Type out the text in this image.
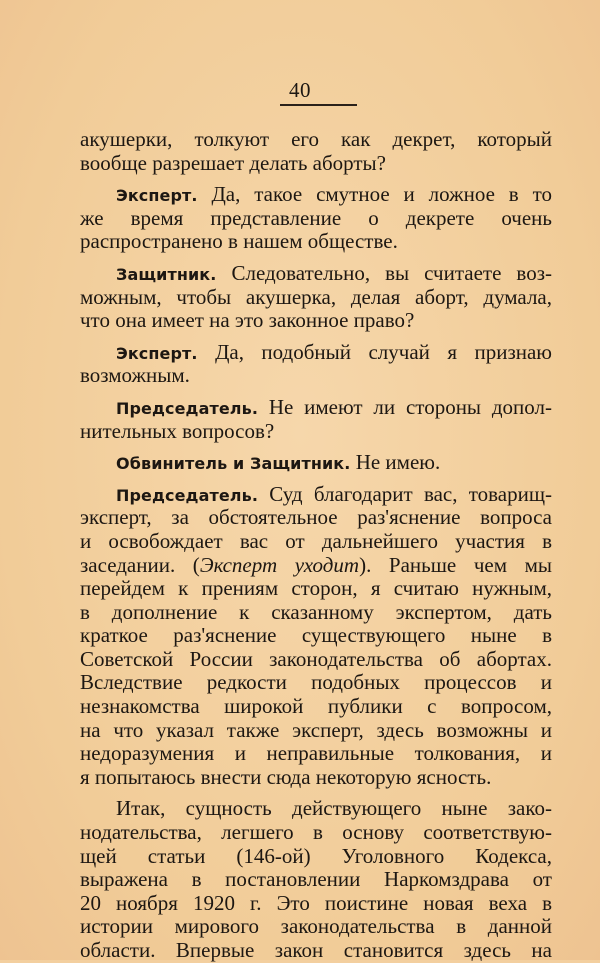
40
акушерки, толкуют его как декрет, который
вообще разрешает делать аборты?
Эксперт. Да, такое смутное и ложное в то
же время представление о декрете очень
распространено в нашем обществе.
Защитник. Следовательно, вы считаете воз-
можным, чтобы акушерка, делая аборт, думала,
что она имеет на это законное право?
Эксперт. Да, подобный случай я признаю
возможным.
Председатель. Не имеют ли стороны допол-
нительных вопросов?
Обвинитель и Защитник. Не имею.
Председатель. Суд благодарит вас, товарищ-
эксперт, за обстоятельное раз'яснение вопроса
и освобождает вас от дальнейшего участия в
заседании. (Эксперт уходит). Раньше чем мы
перейдем к прениям сторон, я считаю нужным,
в дополнение к сказанному экспертом, дать
краткое раз'яснение существующего ныне в
Советской России законодательства об абортах.
Вследствие редкости подобных процессов и
незнакомства широкой публики с вопросом,
на что указал также эксперт, здесь возможны и
недоразумения и неправильные толкования, и
я попытаюсь внести сюда некоторую ясность.
Итак, сущность действующего ныне зако-
нодательства, легшего в основу соответствую-
щей статьи (146-ой) Уголовного Кодекса,
выражена в постановлении Наркомздрава от
20 ноября 1920 г. Это поистине новая веха в
истории мирового законодательства в данной
области. Впервые закон становится здесь на
